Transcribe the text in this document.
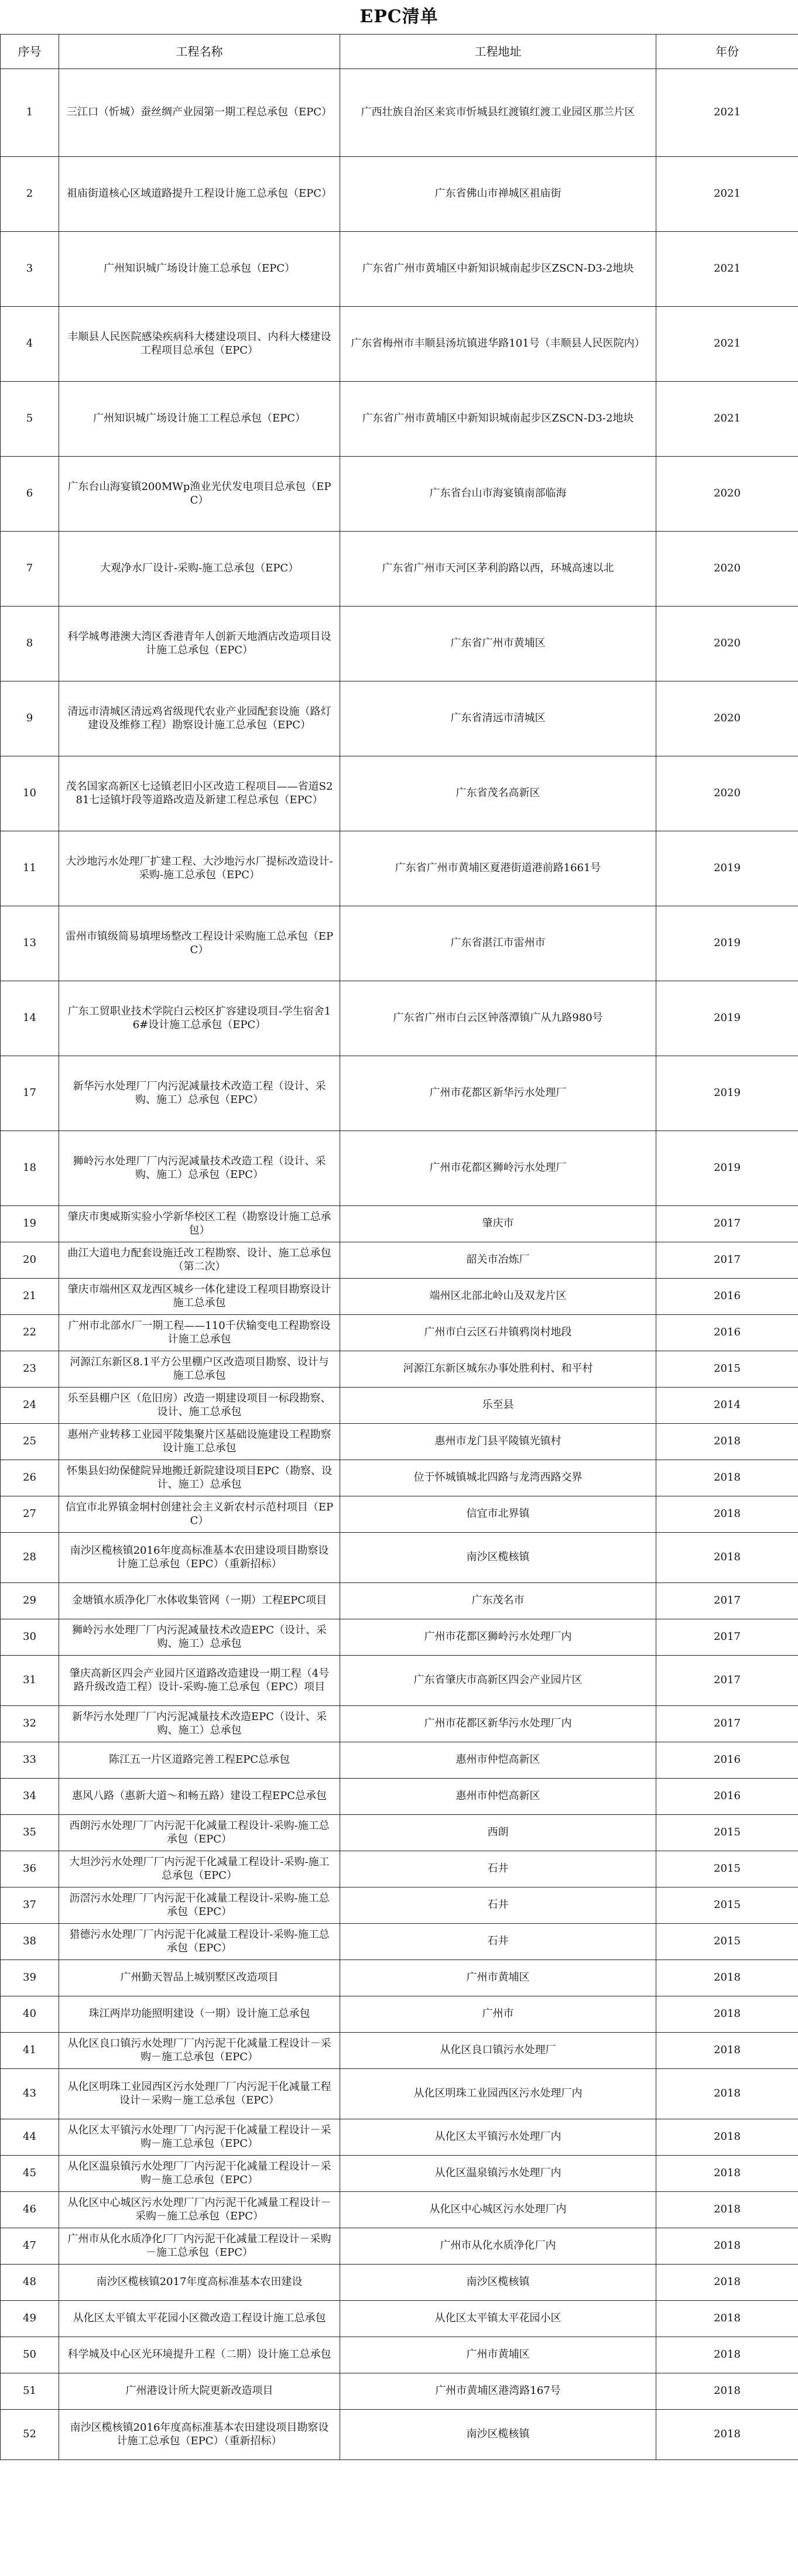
EPC清单
序号	工程名称	工程地址	年份
1	三江口（忻城）蚕丝绸产业园第一期工程总承包（EPC）	广西壮族自治区来宾市忻城县红渡镇红渡工业园区那兰片区	2021
2	祖庙街道核心区域道路提升工程设计施工总承包（EPC）	广东省佛山市禅城区祖庙街	2021
3	广州知识城广场设计施工总承包（EPC）	广东省广州市黄埔区中新知识城南起步区ZSCN-D3-2地块	2021
4	丰顺县人民医院感染疾病科大楼建设项目、内科大楼建设工程项目总承包（EPC）	广东省梅州市丰顺县汤坑镇进华路101号（丰顺县人民医院内）	2021
5	广州知识城广场设计施工工程总承包（EPC）	广东省广州市黄埔区中新知识城南起步区ZSCN-D3-2地块	2021
6	广东台山海宴镇200MWp渔业光伏发电项目总承包（EPC）	广东省台山市海宴镇南部临海	2020
7	大观净水厂设计-采购-施工总承包（EPC）	广东省广州市天河区茅利韵路以西，环城高速以北	2020
8	科学城粤港澳大湾区香港青年人创新天地酒店改造项目设计施工总承包（EPC）	广东省广州市黄埔区	2020
9	清远市清城区清远鸡省级现代农业产业园配套设施（路灯建设及维修工程）勘察设计施工总承包（EPC）	广东省清远市清城区	2020
10	茂名国家高新区七迳镇老旧小区改造工程项目——省道S281七迳镇圩段等道路改造及新建工程总承包（EPC）	广东省茂名高新区	2020
11	大沙地污水处理厂扩建工程、大沙地污水厂提标改造设计-采购-施工总承包（EPC）	广东省广州市黄埔区夏港街道港前路1661号	2019
13	雷州市镇级简易填埋场整改工程设计采购施工总承包（EPC）	广东省湛江市雷州市	2019
14	广东工贸职业技术学院白云校区扩容建设项目-学生宿舍16#设计施工总承包（EPC）	广东省广州市白云区钟落潭镇广从九路980号	2019
17	新华污水处理厂厂内污泥减量技术改造工程（设计、采购、施工）总承包（EPC）	广州市花都区新华污水处理厂	2019
18	狮岭污水处理厂厂内污泥减量技术改造工程（设计、采购、施工）总承包（EPC）	广州市花都区狮岭污水处理厂	2019
19	肇庆市奥威斯实验小学新华校区工程（勘察设计施工总承包）	肇庆市	2017
20	曲江大道电力配套设施迁改工程勘察、设计、施工总承包（第二次）	韶关市冶炼厂	2017
21	肇庆市端州区双龙西区城乡一体化建设工程项目勘察设计施工总承包	端州区北部北岭山及双龙片区	2016
22	广州市北部水厂一期工程——110千伏输变电工程勘察设计施工总承包	广州市白云区石井镇鸦岗村地段	2016
23	河源江东新区8.1平方公里棚户区改造项目勘察、设计与施工总承包	河源江东新区城东办事处胜利村、和平村	2015
24	乐至县棚户区（危旧房）改造一期建设项目一标段勘察、设计、施工总承包	乐至县	2014
25	惠州产业转移工业园平陵集聚片区基础设施建设工程勘察设计施工总承包	惠州市龙门县平陵镇光镇村	2018
26	怀集县妇幼保健院异地搬迁新院建设项目EPC（勘察、设计、施工）总承包	位于怀城镇城北四路与龙湾西路交界	2018
27	信宜市北界镇金垌村创建社会主义新农村示范村项目（EPC）	信宜市北界镇	2018
28	南沙区榄核镇2016年度高标准基本农田建设项目勘察设计施工总承包（EPC）（重新招标）	南沙区榄核镇	2018
29	金塘镇水质净化厂水体收集管网（一期）工程EPC项目	广东茂名市	2017
30	狮岭污水处理厂厂内污泥减量技术改造EPC（设计、采购、施工）总承包	广州市花都区狮岭污水处理厂内	2017
31	肇庆高新区四会产业园片区道路改造建设一期工程（4号路升级改造工程）设计-采购-施工总承包（EPC）项目	广东省肇庆市高新区四会产业园片区	2017
32	新华污水处理厂厂内污泥减量技术改造EPC（设计、采购、施工）总承包	广州市花都区新华污水处理厂内	2017
33	陈江五一片区道路完善工程EPC总承包	惠州市仲恺高新区	2016
34	惠风八路（惠新大道～和畅五路）建设工程EPC总承包	惠州市仲恺高新区	2016
35	西朗污水处理厂厂内污泥干化减量工程设计-采购-施工总承包（EPC）	西朗	2015
36	大坦沙污水处理厂厂内污泥干化减量工程设计-采购-施工总承包（EPC）	石井	2015
37	沥滘污水处理厂厂内污泥干化减量工程设计-采购-施工总承包（EPC）	石井	2015
38	猎德污水处理厂厂内污泥干化减量工程设计-采购-施工总承包（EPC）	石井	2015
39	广州勤天智品上城别墅区改造项目	广州市黄埔区	2018
40	珠江两岸功能照明建设（一期）设计施工总承包	广州市	2018
41	从化区良口镇污水处理厂厂内污泥干化减量工程设计－采购－施工总承包（EPC）	从化区良口镇污水处理厂	2018
43	从化区明珠工业园西区污水处理厂厂内污泥干化减量工程设计－采购－施工总承包（EPC）	从化区明珠工业园西区污水处理厂内	2018
44	从化区太平镇污水处理厂厂内污泥干化减量工程设计－采购－施工总承包（EPC）	从化区太平镇污水处理厂内	2018
45	从化区温泉镇污水处理厂厂内污泥干化减量工程设计－采购－施工总承包（EPC）	从化区温泉镇污水处理厂内	2018
46	从化区中心城区污水处理厂厂内污泥干化减量工程设计－采购－施工总承包（EPC）	从化区中心城区污水处理厂内	2018
47	广州市从化水质净化厂厂内污泥干化减量工程设计－采购－施工总承包（EPC）	广州市从化水质净化厂内	2018
48	南沙区榄核镇2017年度高标准基本农田建设	南沙区榄核镇	2018
49	从化区太平镇太平花园小区微改造工程设计施工总承包	从化区太平镇太平花园小区	2018
50	科学城及中心区光环境提升工程（二期）设计施工总承包	广州市黄埔区	2018
51	广州港设计所大院更新改造项目	广州市黄埔区港湾路167号	2018
52	南沙区榄核镇2016年度高标准基本农田建设项目勘察设计施工总承包（EPC）（重新招标）	南沙区榄核镇	2018
